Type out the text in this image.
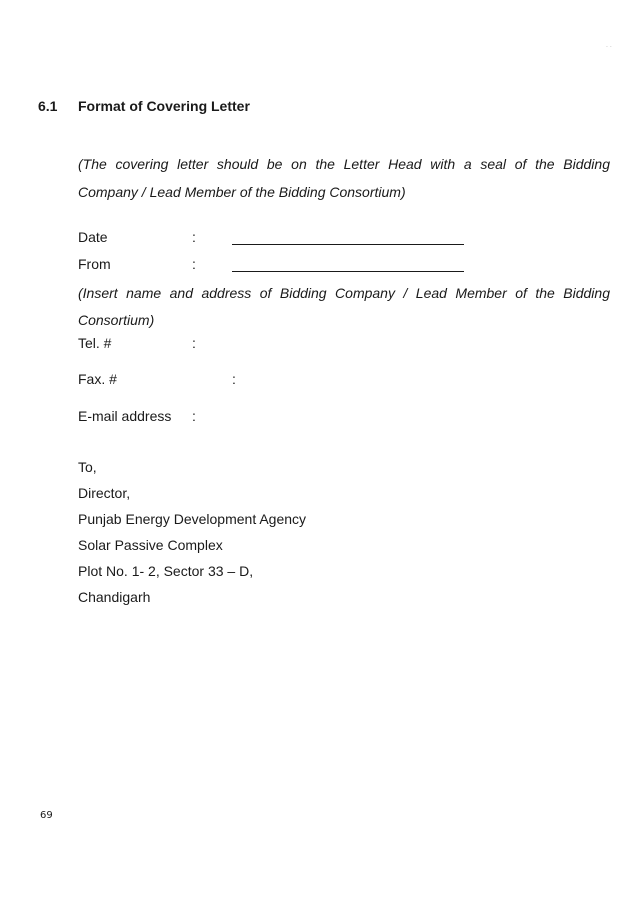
. .
6.1 Format of Covering Letter
(The covering letter should be on the Letter Head with a seal of the Bidding
Company / Lead Member of the Bidding Consortium)
Date	:
From	:
(Insert name and address of Bidding Company / Lead Member of the Bidding
Consortium)
Tel. #	:
Fax. #	:
E-mail address :
To,
Director,
Punjab Energy Development Agency
Solar Passive Complex
Plot No. 1- 2, Sector 33 – D,
Chandigarh
69
